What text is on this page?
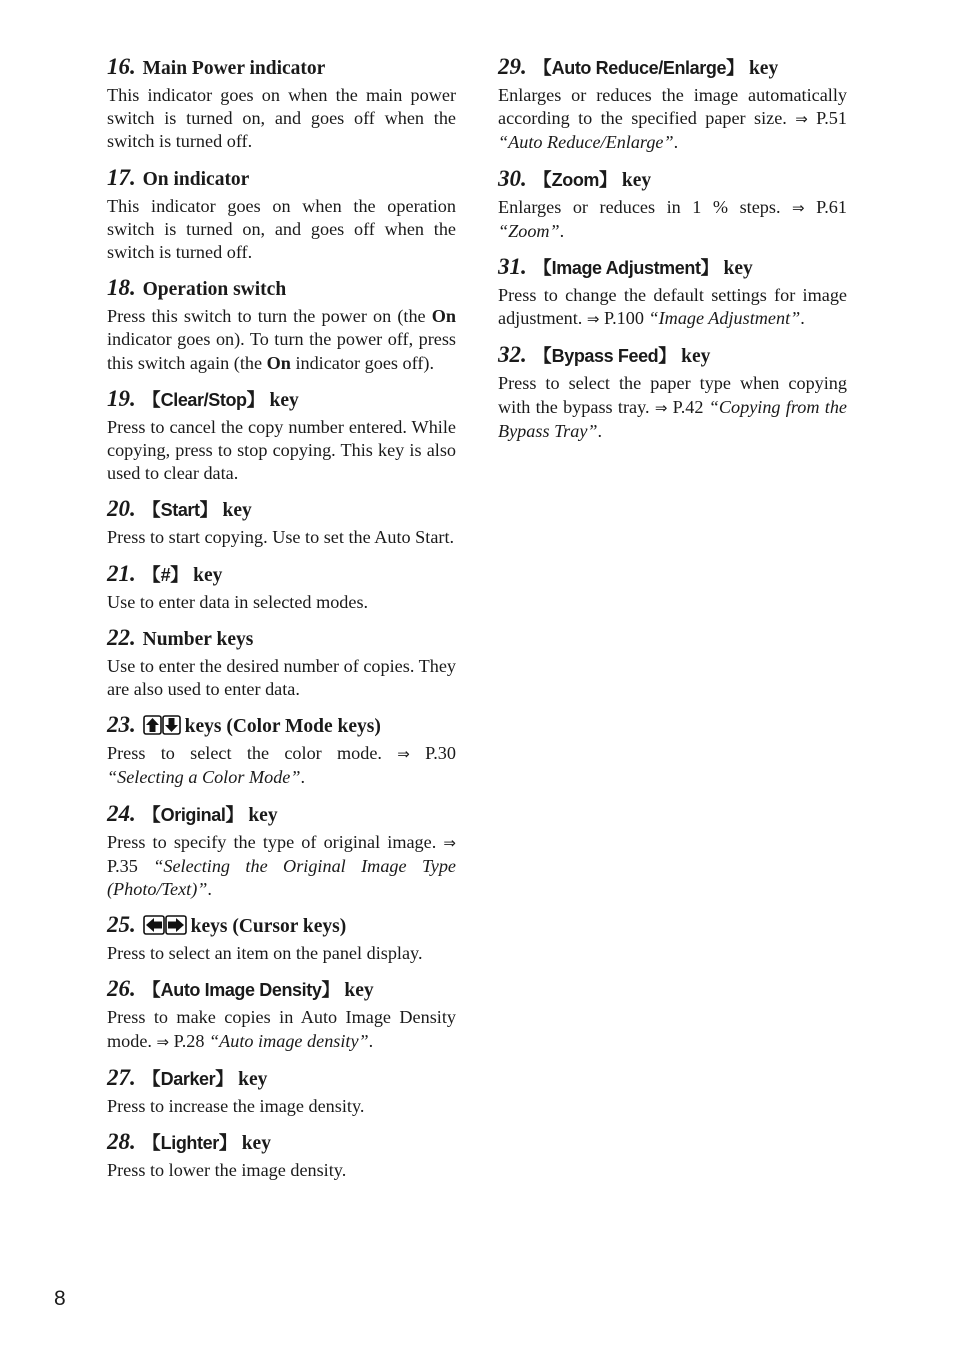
16. Main Power indicator

This indicator goes on when the main power switch is turned on, and goes off when the switch is turned off.

17. On indicator

This indicator goes on when the operation switch is turned on, and goes off when the switch is turned off.

18. Operation switch

Press this switch to turn the power on (the On indicator goes on). To turn the power off, press this switch again (the On indicator goes off).

19. 【 Clear/Stop 】 key

Press to cancel the copy number entered. While copying, press to stop copying. This key is also used to clear data.

20. 【 Start 】 key

Press to start copying. Use to set the Auto Start.

21. 【 # 】 key

Use to enter data in selected modes.

22. Number keys

Use to enter the desired number of copies. They are also used to enter data.

23.	keys (Color Mode keys)

Press to select the color mode. ⇒ P.30 “Selecting a Color Mode”.

24. 【 Original 】 key

Press to specify the type of original image. ⇒ P.35 “Selecting the Original Image Type (Photo/Text)”.

25.	keys (Cursor keys)

Press to select an item on the panel display.

26. 【 Auto Image Density 】 key

Press to make copies in Auto Image Density mode. ⇒ P.28 “Auto image density”.

27. 【 Darker 】 key

Press to increase the image density.

28. 【 Lighter 】 key

Press to lower the image density.

29. 【 Auto Reduce/Enlarge 】 key

Enlarges or reduces the image automatically according to the specified paper size. ⇒ P.51 “Auto Reduce/Enlarge”.

30. 【 Zoom 】 key

Enlarges or reduces in 1 % steps. ⇒ P.61 “Zoom”.

31. 【 Image Adjustment 】 key

Press to change the default settings for image adjustment. ⇒ P.100 “Image Adjustment”.

32. 【 Bypass Feed 】 key

Press to select the paper type when copying with the bypass tray. ⇒ P.42 “Copying from the Bypass Tray”.

8
